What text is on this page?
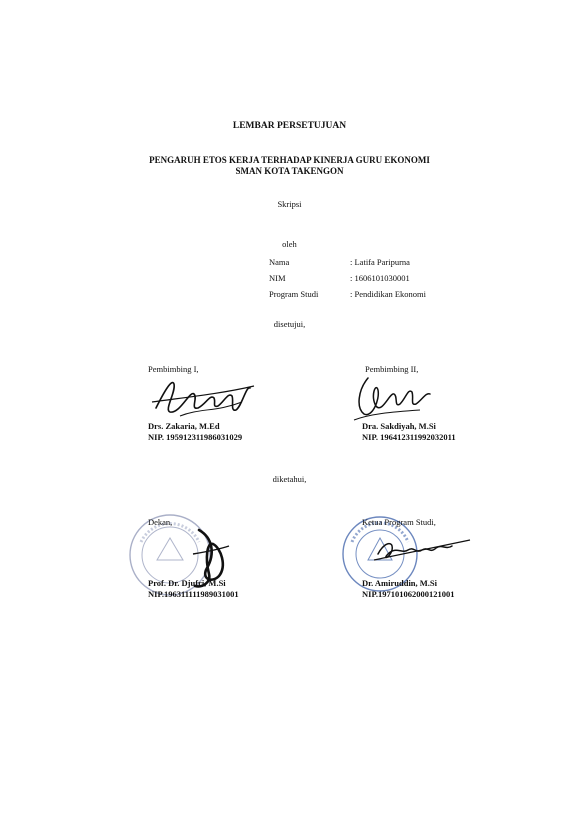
LEMBAR PERSETUJUAN
PENGARUH ETOS KERJA TERHADAP KINERJA GURU EKONOMI
SMAN KOTA TAKENGON
Skripsi
oleh
Nama	: Latifa Paripurna
NIM	: 1606101030001
Program Studi	: Pendidikan Ekonomi
disetujui,
Pembimbing I,	Pembimbing II,
Drs. Zakaria, M.Ed
NIP. 195912311986031029
Dra. Sakdiyah, M.Si
NIP. 196412311992032011
diketahui,
Dekan,
Prof. Dr. Djufri, M.Si
NIP.196311111989031001
Ketua Program Studi,
Dr. Amiruddin, M.Si
NIP.197101062000121001
